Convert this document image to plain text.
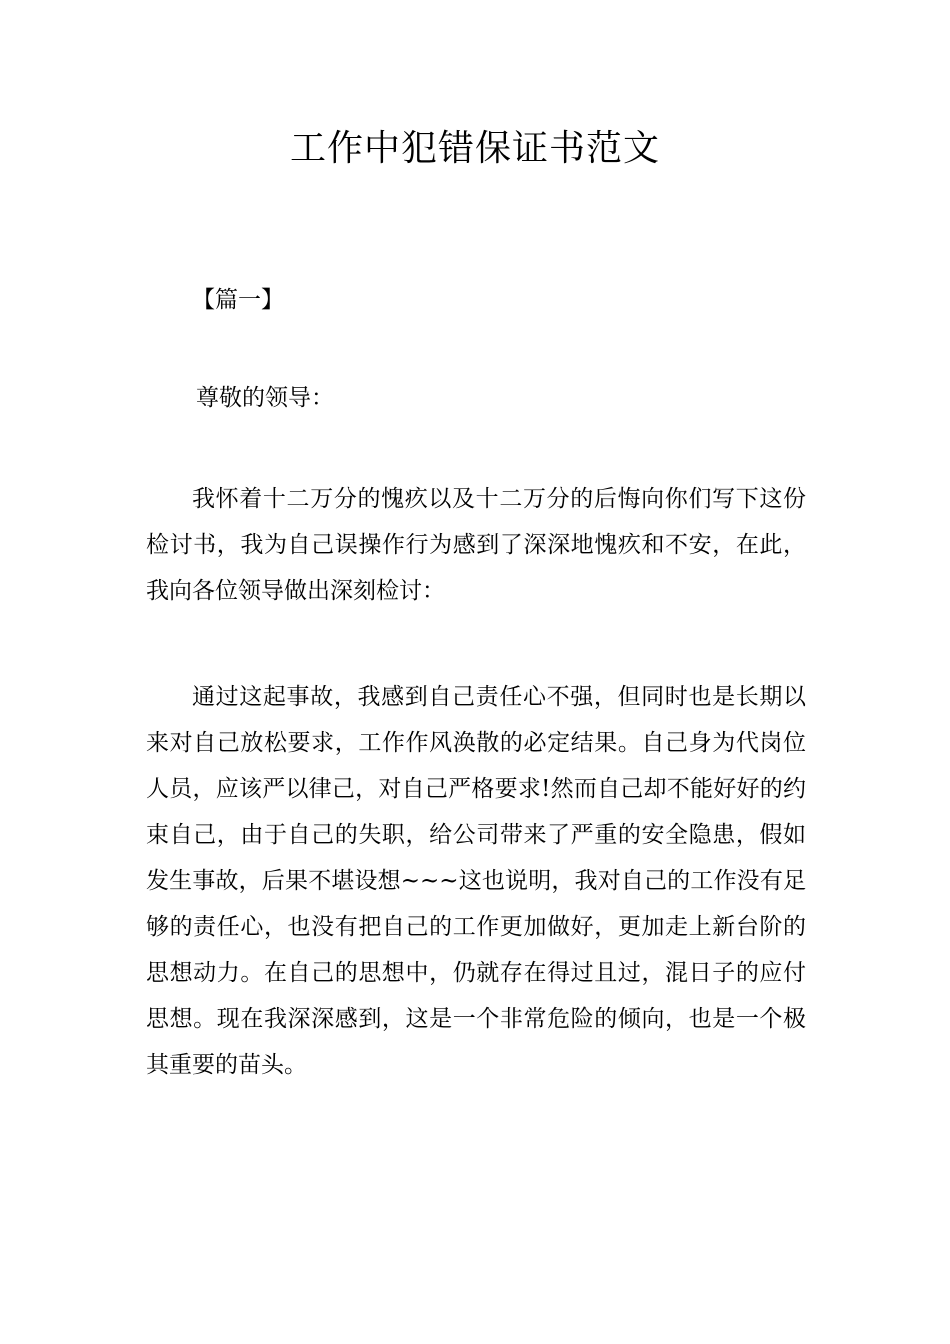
工作中犯错保证书范文
【篇一】
尊敬的领导：

我怀着十二万分的愧疚以及十二万分的后悔向你们写下这份检讨书，我为自己误操作行为感到了深深地愧疚和不安，在此，我向各位领导做出深刻检讨：

通过这起事故，我感到自己责任心不强，但同时也是长期以来对自己放松要求，工作作风涣散的必定结果。自己身为代岗位人员，应该严以律己，对自己严格要求!然而自己却不能好好的约束自己，由于自己的失职，给公司带来了严重的安全隐患，假如发生事故，后果不堪设想~~~这也说明，我对自己的工作没有足够的责任心，也没有把自己的工作更加做好，更加走上新台阶的思想动力。在自己的思想中，仍就存在得过且过，混日子的应付思想。现在我深深感到，这是一个非常危险的倾向，也是一个极其重要的苗头。
